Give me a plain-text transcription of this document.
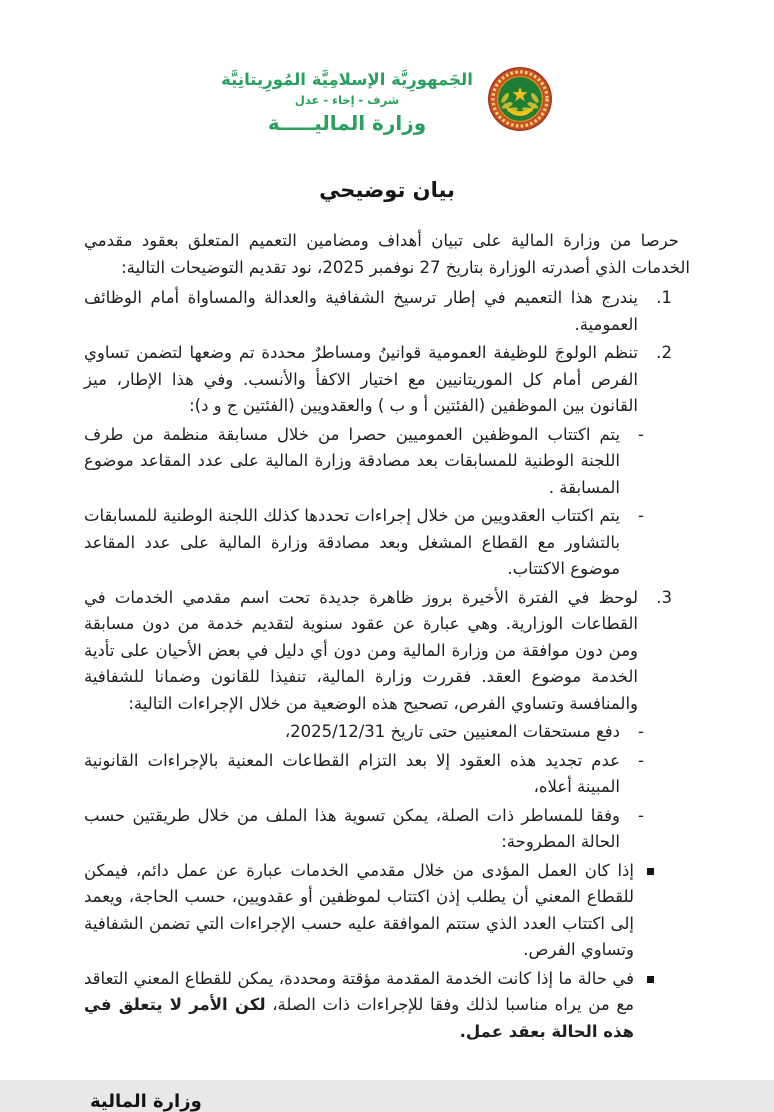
الجَمهورِيَّة الإسلامِيَّة المُورِيتانِيَّة
شرف - إخاء - عدل
وزارة الماليـــــة
بيان توضيحي

حرصا من وزارة المالية على تبيان أهداف ومضامين التعميم المتعلق بعقود مقدمي الخدمات الذي أصدرته الوزارة بتاريخ 27 نوفمبر 2025، نود تقديم التوضيحات التالية:

1.
يندرج هذا التعميم في إطار ترسيخ الشفافية والعدالة والمساواة أمام الوظائف العمومية.
2.
تنظم الولوجَ للوظيفة العمومية قوانينُ ومساطرٌ محددة تم وضعها لتضمن تساوي الفرص أمام كل الموريتانيين مع اختيار الاكفأ والأنسب. وفي هذا الإطار، ميز القانون بين الموظفين (الفئتين أ و ب ) والعقدويين (الفئتين ج و د):
-
يتم اكتتاب الموظفين العموميين حصرا من خلال مسابقة منظمة من طرف اللجنة الوطنية للمسابقات بعد مصادقة وزارة المالية على عدد المقاعد موضوع المسابقة .
-
يتم اكتتاب العقدويين من خلال إجراءات تحددها كذلك اللجنة الوطنية للمسابقات بالتشاور مع القطاع المشغل وبعد مصادقة وزارة المالية على عدد المقاعد موضوع الاكتتاب.
3.
لوحظ في الفترة الأخيرة بروز ظاهرة جديدة تحت اسم مقدمي الخدمات في القطاعات الوزارية. وهي عبارة عن عقود سنوية لتقديم خدمة من دون مسابقة ومن دون موافقة من وزارة المالية ومن دون أي دليل في بعض الأحيان على تأدية الخدمة موضوع العقد. فقررت وزارة المالية، تنفيذا للقانون وضمانا للشفافية والمنافسة وتساوي الفرص، تصحيح هذه الوضعية من خلال الإجراءات التالية:
-
دفع مستحقات المعنيين حتى تاريخ 2025/12/31،
-
عدم تجديد هذه العقود إلا بعد التزام القطاعات المعنية بالإجراءات القانونية المبينة أعلاه،
-
وفقا للمساطر ذات الصلة، يمكن تسوية هذا الملف من خلال طريقتين حسب الحالة المطروحة:
إذا كان العمل المؤدى من خلال مقدمي الخدمات عبارة عن عمل دائم، فيمكن للقطاع المعني أن يطلب إذن اكتتاب لموظفين أو عقدويين، حسب الحاجة، ويعمد إلى اكتتاب العدد الذي ستتم الموافقة عليه حسب الإجراءات التي تضمن الشفافية وتساوي الفرص.
في حالة ما إذا كانت الخدمة المقدمة مؤقتة ومحددة، يمكن للقطاع المعني التعاقد مع من يراه مناسبا لذلك وفقا للإجراءات ذات الصلة، لكن الأمر لا يتعلق في هذه الحالة بعقد عمل.
وزارة المالية
